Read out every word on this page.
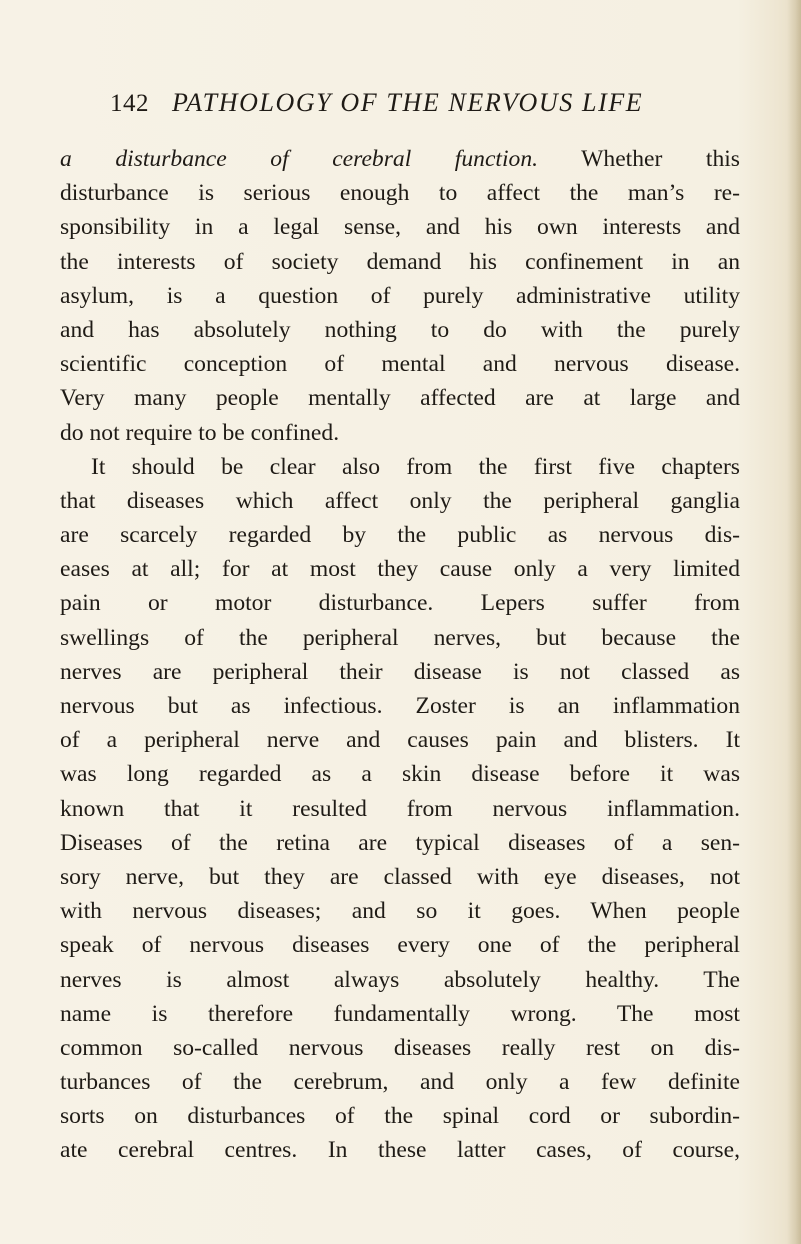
142 PATHOLOGY OF THE NERVOUS LIFE
a disturbance of cerebral function. Whether this
disturbance is serious enough to affect the man’s re-
sponsibility in a legal sense, and his own interests and
the interests of society demand his confinement in an
asylum, is a question of purely administrative utility
and has absolutely nothing to do with the purely
scientific conception of mental and nervous disease.
Very many people mentally affected are at large and
do not require to be confined.
It should be clear also from the first five chapters
that diseases which affect only the peripheral ganglia
are scarcely regarded by the public as nervous dis-
eases at all; for at most they cause only a very limited
pain or motor disturbance. Lepers suffer from
swellings of the peripheral nerves, but because the
nerves are peripheral their disease is not classed as
nervous but as infectious. Zoster is an inflammation
of a peripheral nerve and causes pain and blisters. It
was long regarded as a skin disease before it was
known that it resulted from nervous inflammation.
Diseases of the retina are typical diseases of a sen-
sory nerve, but they are classed with eye diseases, not
with nervous diseases; and so it goes. When people
speak of nervous diseases every one of the peripheral
nerves is almost always absolutely healthy. The
name is therefore fundamentally wrong. The most
common so-called nervous diseases really rest on dis-
turbances of the cerebrum, and only a few definite
sorts on disturbances of the spinal cord or subordin-
ate cerebral centres. In these latter cases, of course,
